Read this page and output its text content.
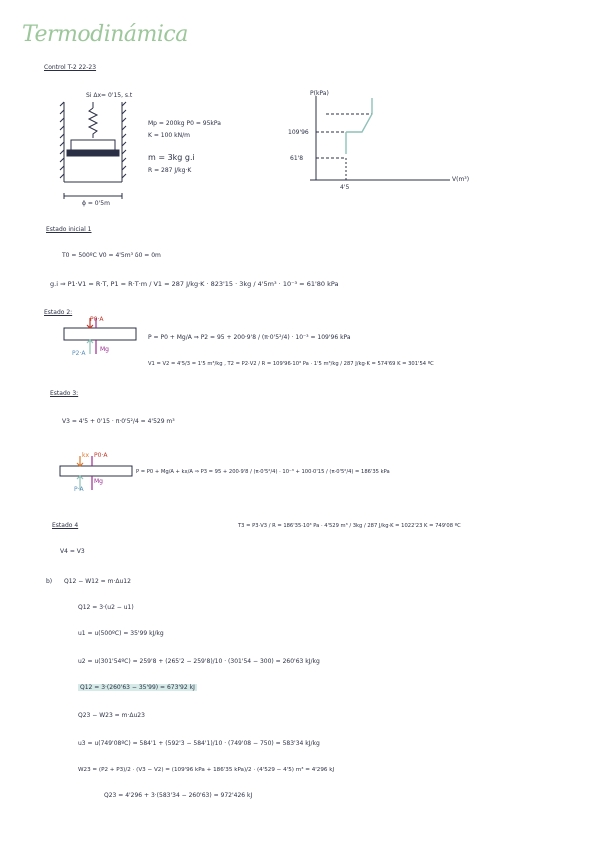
Termodinámica
Control T-2 22-23
Si Δx= 0'15, s.t
Mp = 200kg P0 = 95kPa
K = 100 kN/m
m = 3kg g.i
R = 287 J/kg·K
ϕ = 0'5m
P(kPa)
V(m³)
109'96
61'8
4'5
Estado inicial 1
T0 = 500ºC V0 = 4'5m³ δ0 = 0m
g.i ⇒ P1·V1 = R·T, P1 = R·T·m / V1 = 287 J/kg·K · 823'15 · 3kg / 4'5m³ · 10⁻³ = 61'80 kPa
Estado 2:
P0·A
P2·A
Mg
P = P0 + Mg/A ⇒ P2 = 95 + 200·9'8 / (π·0'5²/4) · 10⁻³ = 109'96 kPa
V1 = V2 = 4'5/3 = 1'5 m³/kg , T2 = P2·V2 / R = 109'96·10³ Pa · 1'5 m³/kg / 287 J/kg·K = 574'69 K = 301'54 ºC
Estado 3:
V3 = 4'5 + 0'15 · π·0'5²/4 = 4'529 m³
kx P0·A
Mg
P·A
P = P0 + Mg/A + kx/A ⇒ P3 = 95 + 200·9'8 / (π·0'5²/4) · 10⁻³ + 100·0'15 / (π·0'5²/4) = 186'35 kPa
Estado 4
V4 = V3
T3 = P3·V3 / R = 186'35·10³ Pa · 4'529 m³ / 3kg / 287 J/kg·K = 1022'23 K = 749'08 ºC
b) Q12 − W12 = m·Δu12
Q12 = 3·(u2 − u1)
u1 = u(500ºC) = 35'99 kJ/kg
u2 = u(301'54ºC) = 259'8 + (265'2 − 259'8)/10 · (301'54 − 300) = 260'63 kJ/kg
Q12 = 3·(260'63 − 35'99) = 673'92 kJ
Q23 − W23 = m·Δu23
u3 = u(749'08ºC) = 584'1 + (592'3 − 584'1)/10 · (749'08 − 750) = 583'34 kJ/kg
W23 = (P2 + P3)/2 · (V3 − V2) = (109'96 kPa + 186'35 kPa)/2 · (4'529 − 4'5) m³ = 4'296 kJ
Q23 = 4'296 + 3·(583'34 − 260'63) = 972'426 kJ
